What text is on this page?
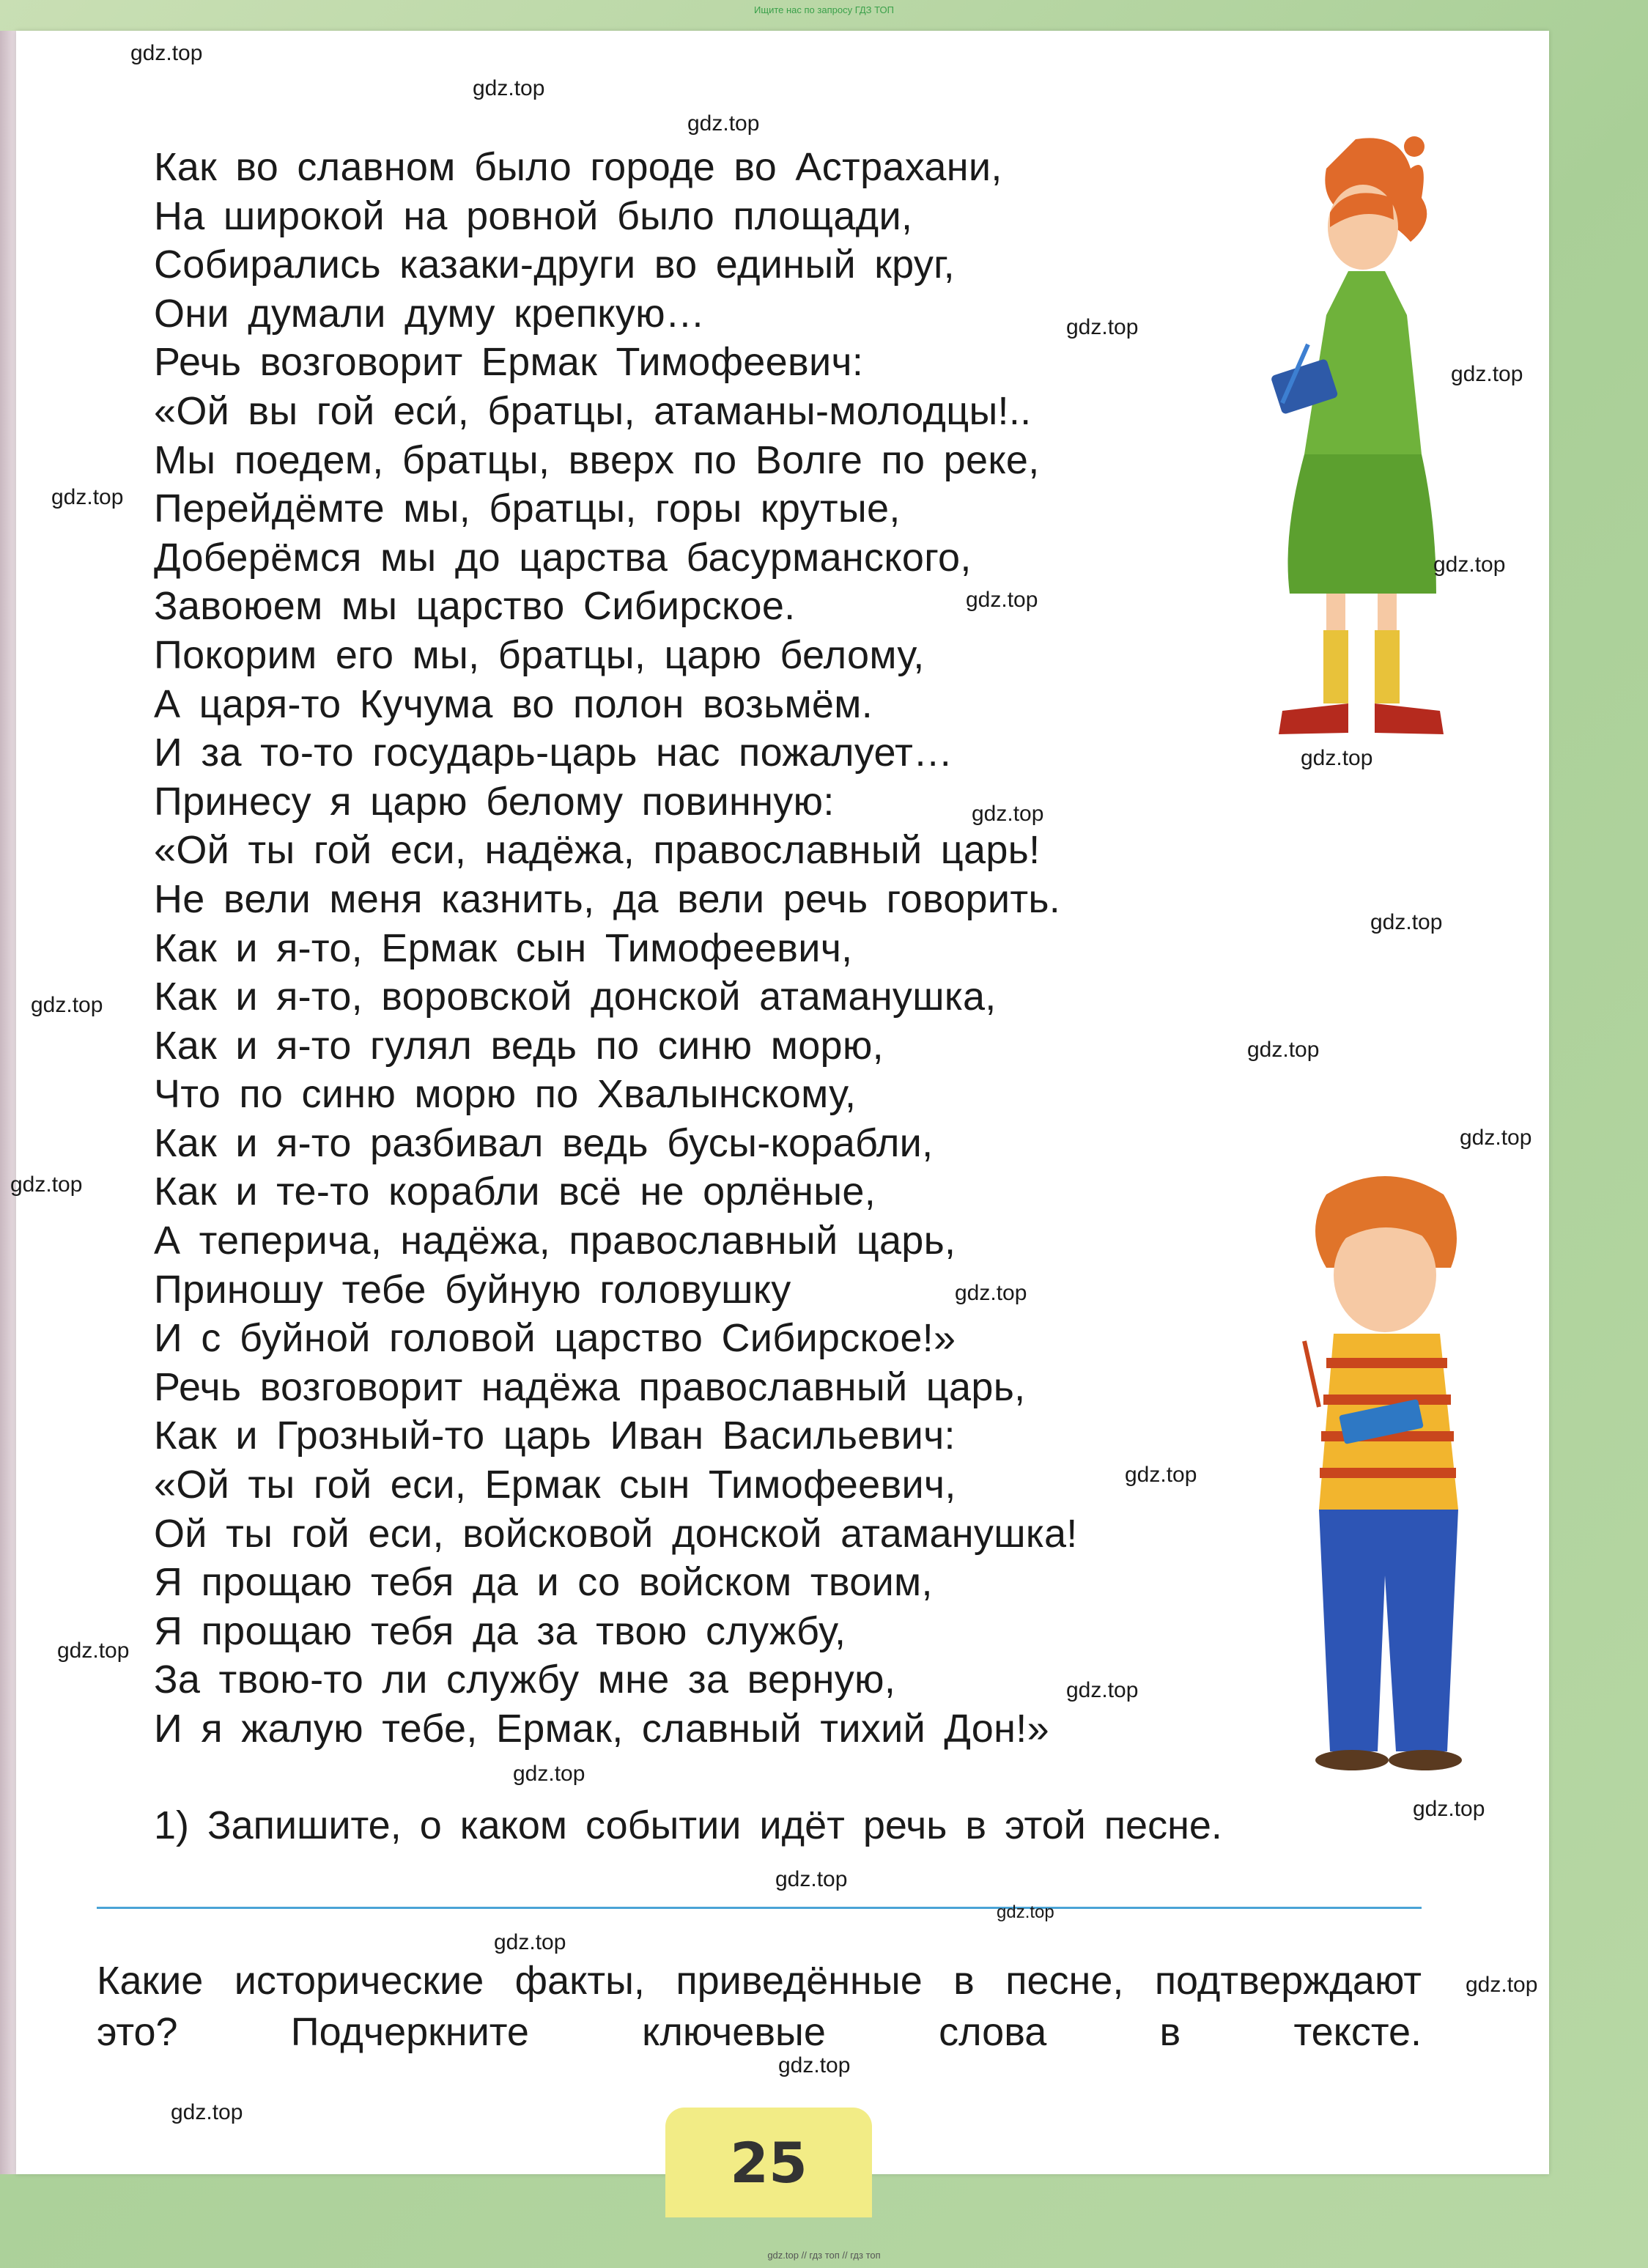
Ищите нас по запросу ГДЗ ТОП
Как во славном было городе во Астрахани,
На широкой на ровной было площади,
Собирались казаки-други во единый круг,
Они думали думу крепкую…
Речь возговорит Ермак Тимофеевич:
«Ой вы гой еси́, братцы, атаманы-молодцы!..
Мы поедем, братцы, вверх по Волге по реке,
Перейдёмте мы, братцы, горы крутые,
Доберёмся мы до царства басурманского,
Завоюем мы царство Сибирское.
Покорим его мы, братцы, царю белому,
А царя-то Кучума во полон возьмём.
И за то-то государь-царь нас пожалует…
Принесу я царю белому повинную:
«Ой ты гой еси, надёжа, православный царь!
Не вели меня казнить, да вели речь говорить.
Как и я-то, Ермак сын Тимофеевич,
Как и я-то, воровской донской атаманушка,
Как и я-то гулял ведь по синю морю,
Что по синю морю по Хвалынскому,
Как и я-то разбивал ведь бусы-корабли,
Как и те-то корабли всё не орлёные,
А теперича, надёжа, православный царь,
Приношу тебе буйную головушку
И с буйной головой царство Сибирское!»
Речь возговорит надёжа православный царь,
Как и Грозный-то царь Иван Васильевич:
«Ой ты гой еси, Ермак сын Тимофеевич,
Ой ты гой еси, войсковой донской атаманушка!
Я прощаю тебя да и со войском твоим,
Я прощаю тебя да за твою службу,
За твою-то ли службу мне за верную,
И я жалую тебе, Ермак, славный тихий Дон!»
1) Запишите, о каком событии идёт речь в этой песне.
Какие исторические факты, приведённые в песне, подтверждают это? Подчеркните ключевые слова в тексте.
25
gdz.top
gdz.top
gdz.top
gdz.top
gdz.top
gdz.top
gdz.top
gdz.top
gdz.top
gdz.top
gdz.top
gdz.top
gdz.top
gdz.top
gdz.top
gdz.top
gdz.top
gdz.top
gdz.top
gdz.top
gdz.top
gdz.top
gdz.top
gdz.top
gdz.top
gdz.top
gdz.top
gdz.top // гдз топ // гдз топ
